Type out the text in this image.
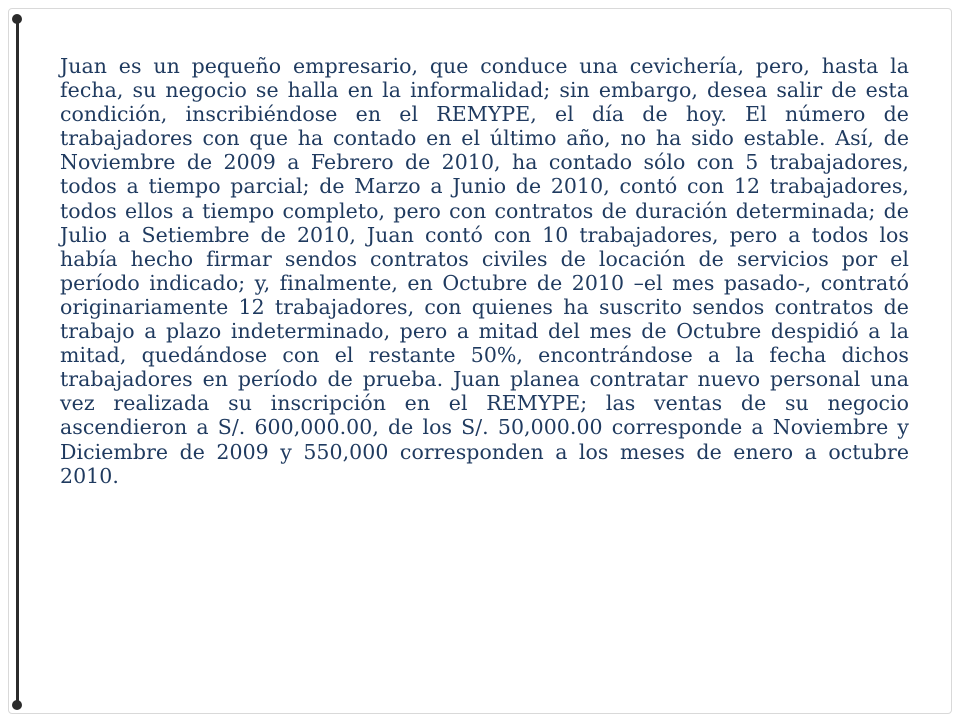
Juan es un pequeño empresario, que conduce una cevichería, pero, hasta la fecha, su negocio se halla en la informalidad; sin embargo, desea salir de esta condición, inscribiéndose en el REMYPE, el día de hoy. El número de trabajadores con que ha contado en el último año, no ha sido estable. Así, de Noviembre de 2009 a Febrero de 2010, ha contado sólo con 5 trabajadores, todos a tiempo parcial; de Marzo a Junio de 2010, contó con 12 trabajadores, todos ellos a tiempo completo, pero con contratos de duración determinada; de Julio a Setiembre de 2010, Juan contó con 10 trabajadores, pero a todos los había hecho firmar sendos contratos civiles de locación de servicios por el período indicado; y, finalmente, en Octubre de 2010 –el mes pasado-, contrató originariamente 12 trabajadores, con quienes ha suscrito sendos contratos de trabajo a plazo indeterminado, pero a mitad del mes de Octubre despidió a la mitad, quedándose con el restante 50%, encontrándose a la fecha dichos trabajadores en período de prueba. Juan planea contratar nuevo personal una vez realizada su inscripción en el REMYPE; las ventas de su negocio ascendieron a S/. 600,000.00, de los S/. 50,000.00 corresponde a Noviembre y Diciembre de 2009 y 550,000 corresponden a los meses de enero a octubre 2010.
